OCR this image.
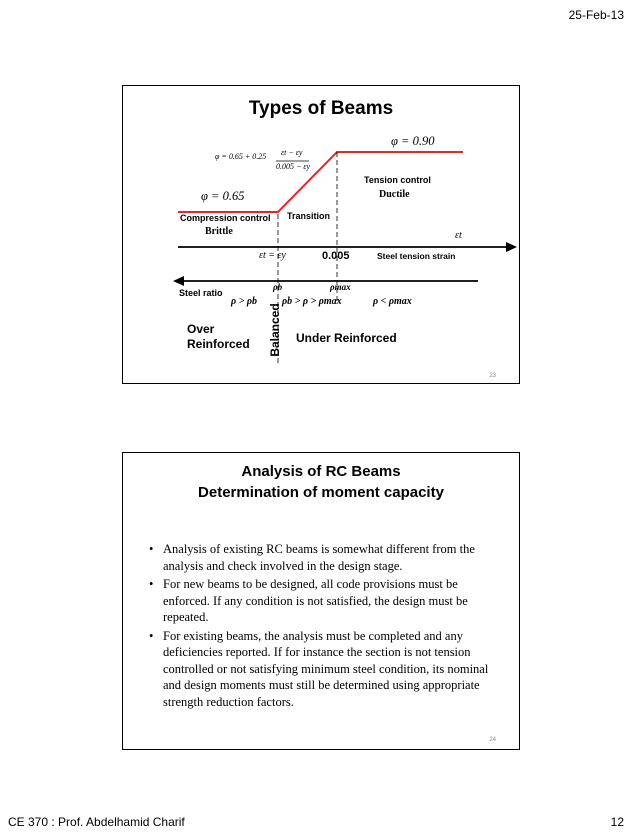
25-Feb-13
Types of Beams
φ = 0.90
φ = 0.65
φ = 0.65 + 0.25 εt − εy
0.005 − εy
Compression control
Brittle
Transition
Tension control
Ductile
εt
εt = εy	0.005	Steel tension strain
Steel ratio
ρb	ρmax
ρ > ρb ρb > ρ > ρmax	ρ < ρmax
Over
Reinforced Balanced Under Reinforced
23
Analysis of RC Beams
Determination of moment capacity
• Analysis of existing RC beams is somewhat different from the analysis and check involved in the design stage.
• For new beams to be designed, all code provisions must be enforced. If any condition is not satisfied, the design must be repeated.
• For existing beams, the analysis must be completed and any deficiencies reported. If for instance the section is not tension controlled or not satisfying minimum steel condition, its nominal and design moments must still be determined using appropriate strength reduction factors.
24
CE 370 : Prof. Abdelhamid Charif	12
